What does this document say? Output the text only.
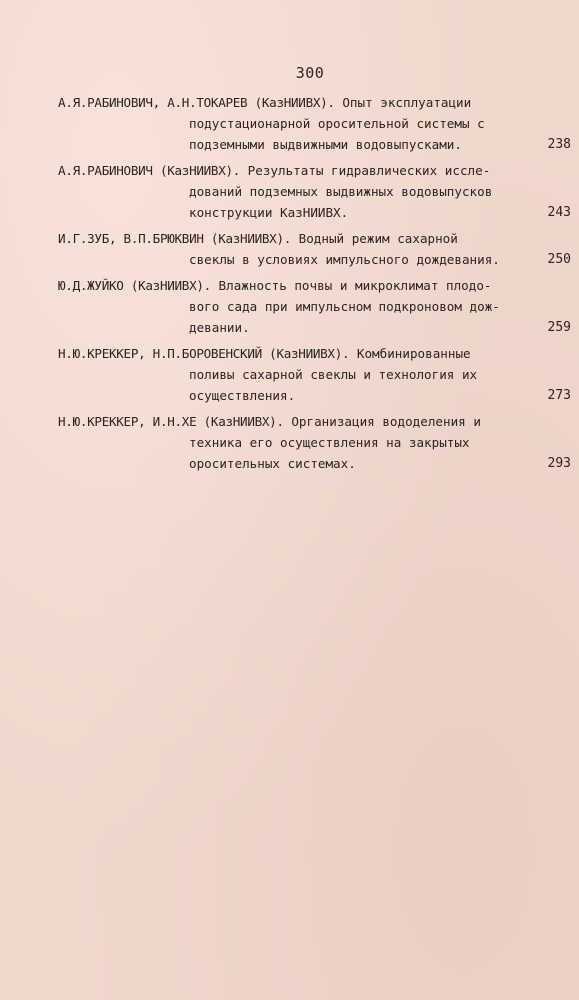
300
А.Я.РАБИНОВИЧ, А.Н.ТОКАРЕВ (КазНИИВХ). Опыт эксплуатации
подустационарной оросительной системы с
подземными выдвижными водовыпусками.	238
А.Я.РАБИНОВИЧ (КазНИИВХ). Результаты гидравлических иссле-
дований подземных выдвижных водовыпусков
конструкции КазНИИВХ.	243
И.Г.ЗУБ, В.П.БРЮКВИН (КазНИИВХ). Водный режим сахарной
свеклы в условиях импульсного дождевания.	250
Ю.Д.ЖУЙКО (КазНИИВХ). Влажность почвы и микроклимат плодо-
вого сада при импульсном подкроновом дож-
девании.	259
Н.Ю.КРЕККЕР, Н.П.БОРОВЕНСКИЙ (КазНИИВХ). Комбинированные
поливы сахарной свеклы и технология их
осуществления.	273
Н.Ю.КРЕККЕР, И.Н.ХЕ (КазНИИВХ). Организация вододеления и
техника его осуществления на закрытых
оросительных системах.	293
